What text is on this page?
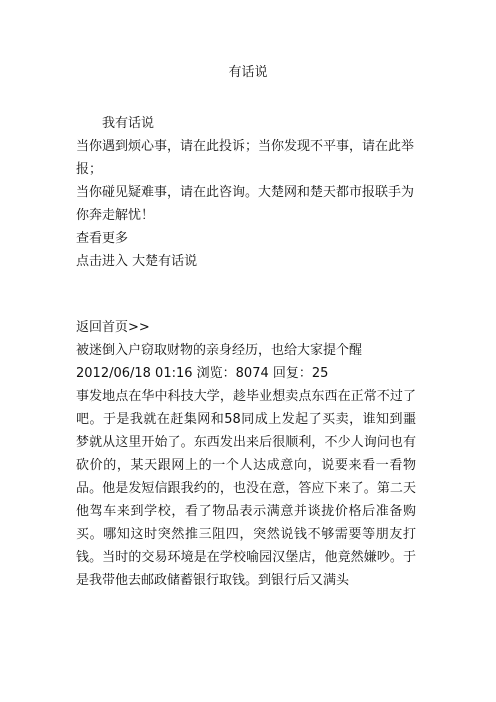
有话说

我有话说

当你遇到烦心事，请在此投诉；当你发现不平事，请在此举报；

当你碰见疑难事，请在此咨询。大楚网和楚天都市报联手为你奔走解忧！

查看更多

点击进入 大楚有话说

返回首页>>

被迷倒入户窃取财物的亲身经历，也给大家提个醒

2012/06/18 01:16 浏览：8074 回复：25

事发地点在华中科技大学，趁毕业想卖点东西在正常不过了吧。于是我就在赶集网和58同成上发起了买卖，谁知到噩梦就从这里开始了。东西发出来后很顺利，不少人询问也有砍价的，某天跟网上的一个人达成意向，说要来看一看物品。他是发短信跟我约的，也没在意，答应下来了。第二天他驾车来到学校，看了物品表示满意并谈拢价格后准备购买。哪知这时突然推三阻四，突然说钱不够需要等朋友打钱。当时的交易环境是在学校喻园汉堡店，他竟然嫌吵。于是我带他去邮政储蓄银行取钱。到银行后又满头
